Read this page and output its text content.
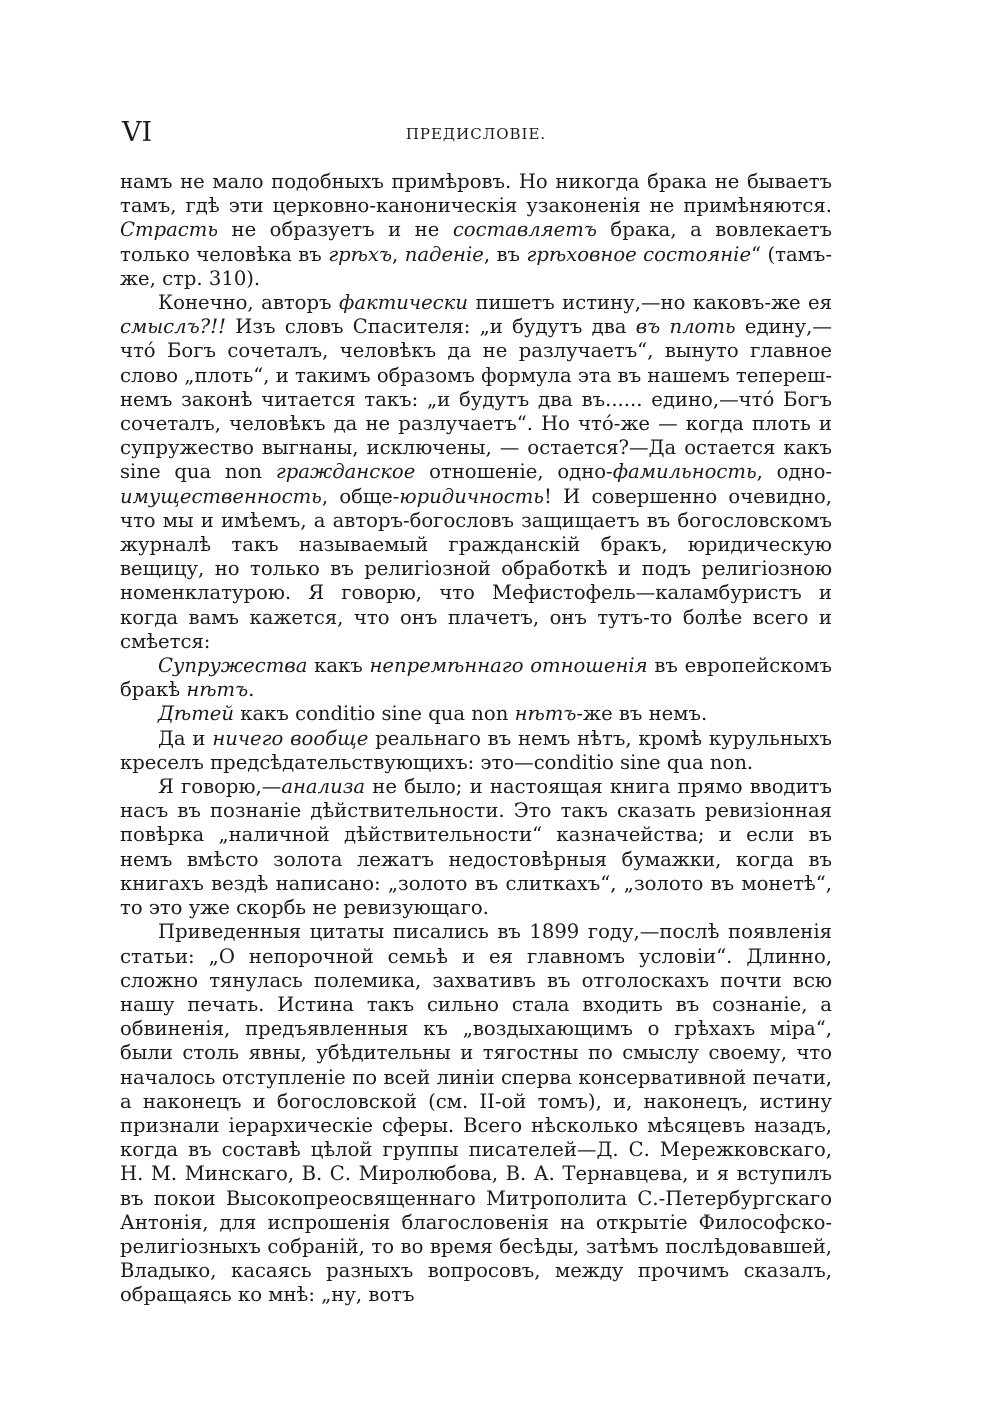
VI	ПРЕДИСЛОВІЕ.

намъ не мало подобныхъ примѣровъ. Но никогда брака не бываетъ тамъ, гдѣ эти церковно-каноническія узаконенія не примѣняются. Страсть не образуетъ и не составляетъ брака, а вовлекаетъ только человѣка въ грѣхъ, паденіе, въ грѣховное состояніе“ (тамъ-же, стр. 310).

Конечно, авторъ фактически пишетъ истину,—но каковъ-же ея смыслъ?!! Изъ словъ Спасителя: „и будутъ два въ плоть едину,—что́ Богъ сочеталъ, человѣкъ да не разлучаетъ“, вынуто главное слово „плоть“, и такимъ образомъ формула эта въ нашемъ теперешнемъ законѣ читается такъ: „и будутъ два въ...... едино,—что́ Богъ сочеталъ, человѣкъ да не разлучаетъ“. Но что́-же — когда плоть и супружество выгнаны, исключены, — остается?—Да остается какъ sine qua non гражданское отношеніе, одно-фамильность, одно-имущественность, обще-юридичность! И совершенно очевидно, что мы и имѣемъ, а авторъ-богословъ защищаетъ въ богословскомъ журналѣ такъ называемый гражданскій бракъ, юридическую вещицу, но только въ религіозной обработкѣ и подъ религіозною номенклатурою. Я говорю, что Мефистофель—каламбуристъ и когда вамъ кажется, что онъ плачетъ, онъ тутъ-то болѣе всего и смѣется:

Супружества какъ непремѣннаго отношенія въ европейскомъ бракѣ нѣтъ.

Дѣтей какъ conditio sine qua non нѣтъ-же въ немъ.

Да и ничего вообще реальнаго въ немъ нѣтъ, кромѣ курульныхъ креселъ предсѣдательствующихъ: это—conditio sine qua non.

Я говорю,—анализа не было; и настоящая книга прямо вводитъ насъ въ познаніе дѣйствительности. Это такъ сказать ревизіонная повѣрка „наличной дѣйствительности“ казначейства; и если въ немъ вмѣсто золота лежатъ недостовѣрныя бумажки, когда въ книгахъ вездѣ написано: „золото въ слиткахъ“, „золото въ монетѣ“, то это уже скорбь не ревизующаго.

Приведенныя цитаты писались въ 1899 году,—послѣ появленія статьи: „О непорочной семьѣ и ея главномъ условіи“. Длинно, сложно тянулась полемика, захвативъ въ отголоскахъ почти всю нашу печать. Истина такъ сильно стала входить въ сознаніе, а обвиненія, предъявленныя къ „воздыхающимъ о грѣхахъ міра“, были столь явны, убѣдительны и тягостны по смыслу своему, что началось отступленіе по всей линіи сперва консервативной печати, а наконецъ и богословской (см. II-ой томъ), и, наконецъ, истину признали іерархическіе сферы. Всего нѣсколько мѣсяцевъ назадъ, когда въ составѣ цѣлой группы писателей—Д. С. Мережковскаго, Н. М. Минскаго, В. С. Миролюбова, В. А. Тернавцева, и я вступилъ въ покои Высокопреосвященнаго Митрополита С.-Петербургскаго Антонія, для испрошенія благословенія на открытіе Философско-религіозныхъ собраній, то во время бесѣды, затѣмъ послѣдовавшей, Владыко, касаясь разныхъ вопросовъ, между прочимъ сказалъ, обращаясь ко мнѣ: „ну, вотъ
